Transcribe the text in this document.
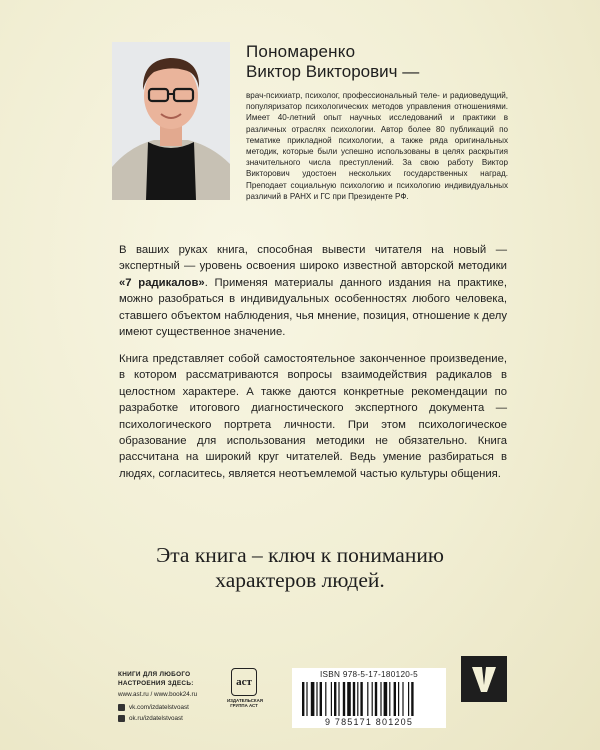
Пономаренко
Виктор Викторович —
врач-психиатр, психолог, профессиональный теле- и радиоведущий, популяризатор психологических методов управления отношениями. Имеет 40-летний опыт научных исследований и практики в различных отраслях психологии. Автор более 80 публикаций по тематике прикладной психологии, а также ряда оригинальных методик, которые были успешно использованы в целях раскрытия значительного числа преступлений. За свою работу Виктор Викторович удостоен нескольких государственных наград. Преподает социальную психологию и психологию индивидуальных различий в РАНХ и ГС при Президенте РФ.
В ваших руках книга, способная вывести читателя на новый — экспертный — уровень освоения широко известной авторской методики «7 радикалов». Применяя материалы данного издания на практике, можно разобраться в индивидуальных особенностях любого человека, ставшего объектом наблюдения, чья мнение, позиция, отношение к делу имеют существенное значение.
Книга представляет собой самостоятельное законченное произведение, в котором рассматриваются вопросы взаимодействия радикалов в целостном характере. А также даются конкретные рекомендации по разработке итогового диагностического экспертного документа — психологического портрета личности. При этом психологическое образование для использования методики не обязательно. Книга рассчитана на широкий круг читателей. Ведь умение разбираться в людях, согласитесь, является неотъемлемой частью культуры общения.
Эта книга – ключ к пониманию
характеров людей.
КНИГИ ДЛЯ ЛЮБОГО
НАСТРОЕНИЯ ЗДЕСЬ:
www.ast.ru / www.book24.ru
vk.com/izdatelstvoast
ok.ru/izdatelstvoast
аст
ИЗДАТЕЛЬСКАЯ
ГРУППА АСТ
ISBN 978-5-17-180120-5
9 785171 801205
